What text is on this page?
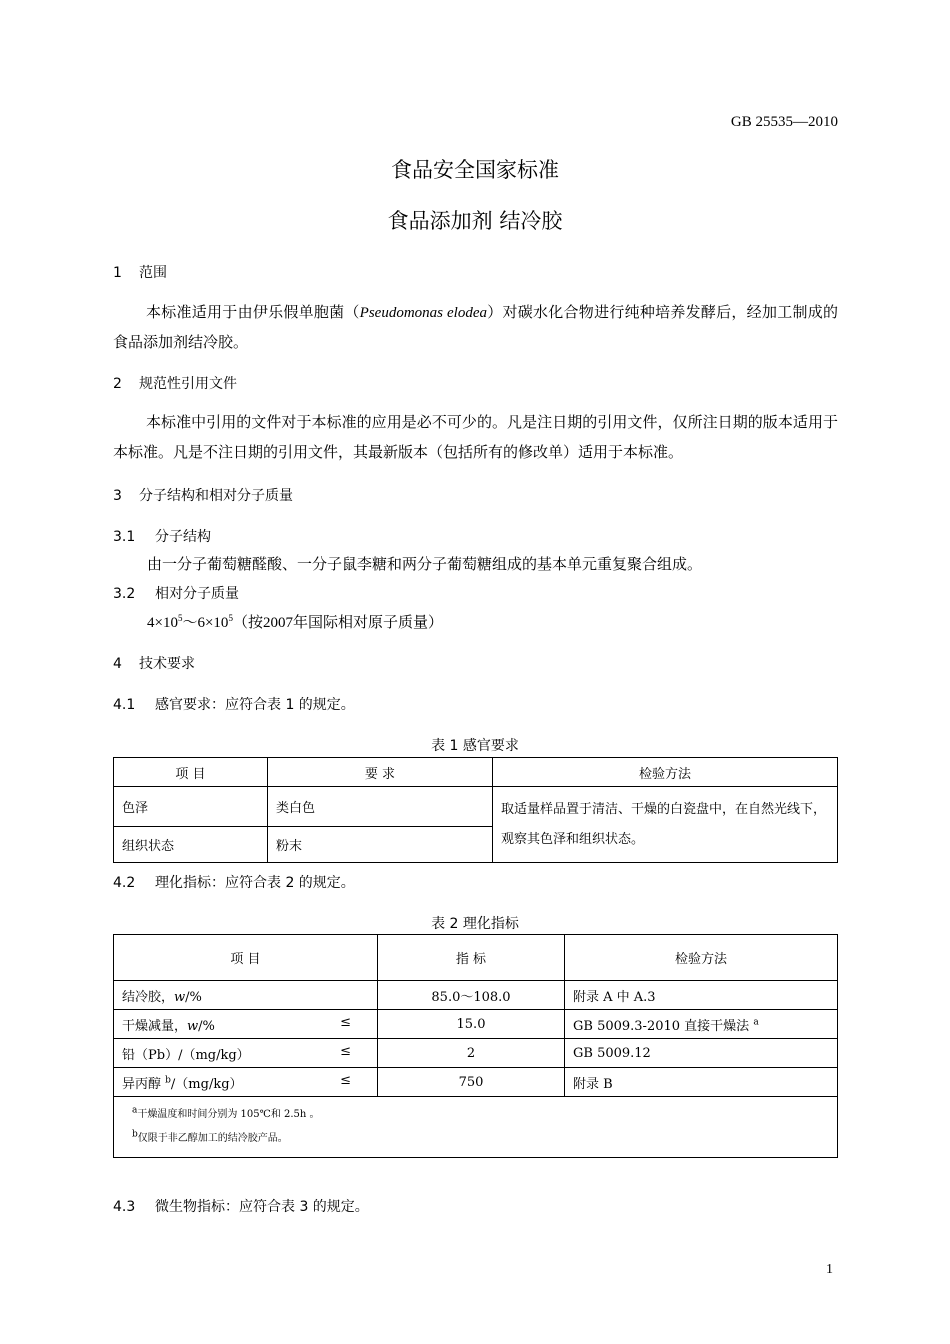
GB 25535—2010
食品安全国家标准
食品添加剂 结冷胶
1 范围
本标准适用于由伊乐假单胞菌（Pseudomonas elodea）对碳水化合物进行纯种培养发酵后，经加工制成的食品添加剂结冷胶。
2 规范性引用文件
本标准中引用的文件对于本标准的应用是必不可少的。凡是注日期的引用文件，仅所注日期的版本适用于本标准。凡是不注日期的引用文件，其最新版本（包括所有的修改单）适用于本标准。
3 分子结构和相对分子质量
3.1 分子结构
由一分子葡萄糖醛酸、一分子鼠李糖和两分子葡萄糖组成的基本单元重复聚合组成。
3.2 相对分子质量
$4\times 10^5\sim 6\times 10^5$（按2007年国际相对原子质量）
4 技术要求
4.1 感官要求：应符合表 1 的规定。
表 1 感官要求
项 目	要 求	检验方法
色泽	类白色	取适量样品置于清洁、干燥的白瓷盘中，在自然光线下，观察其色泽和组织状态。
组织状态	粉末	
4.2 理化指标：应符合表 2 的规定。
表 2 理化指标
项 目	指 标	检验方法
结冷胶，w/%	85.0～108.0	附录 A 中 A.3
干燥减量，w/% ≤	15.0	GB 5009.3-2010 直接干燥法 $^a$
铅（Pb）/（mg/kg） ≤	2	GB 5009.12
异丙醇 $^b$/（mg/kg） ≤	750	附录 B

$^a$干燥温度和时间分别为 105℃和 2.5h 。
$^b$仅限于非乙醇加工的结冷胶产品。		
4.3 微生物指标：应符合表 3 的规定。
1
